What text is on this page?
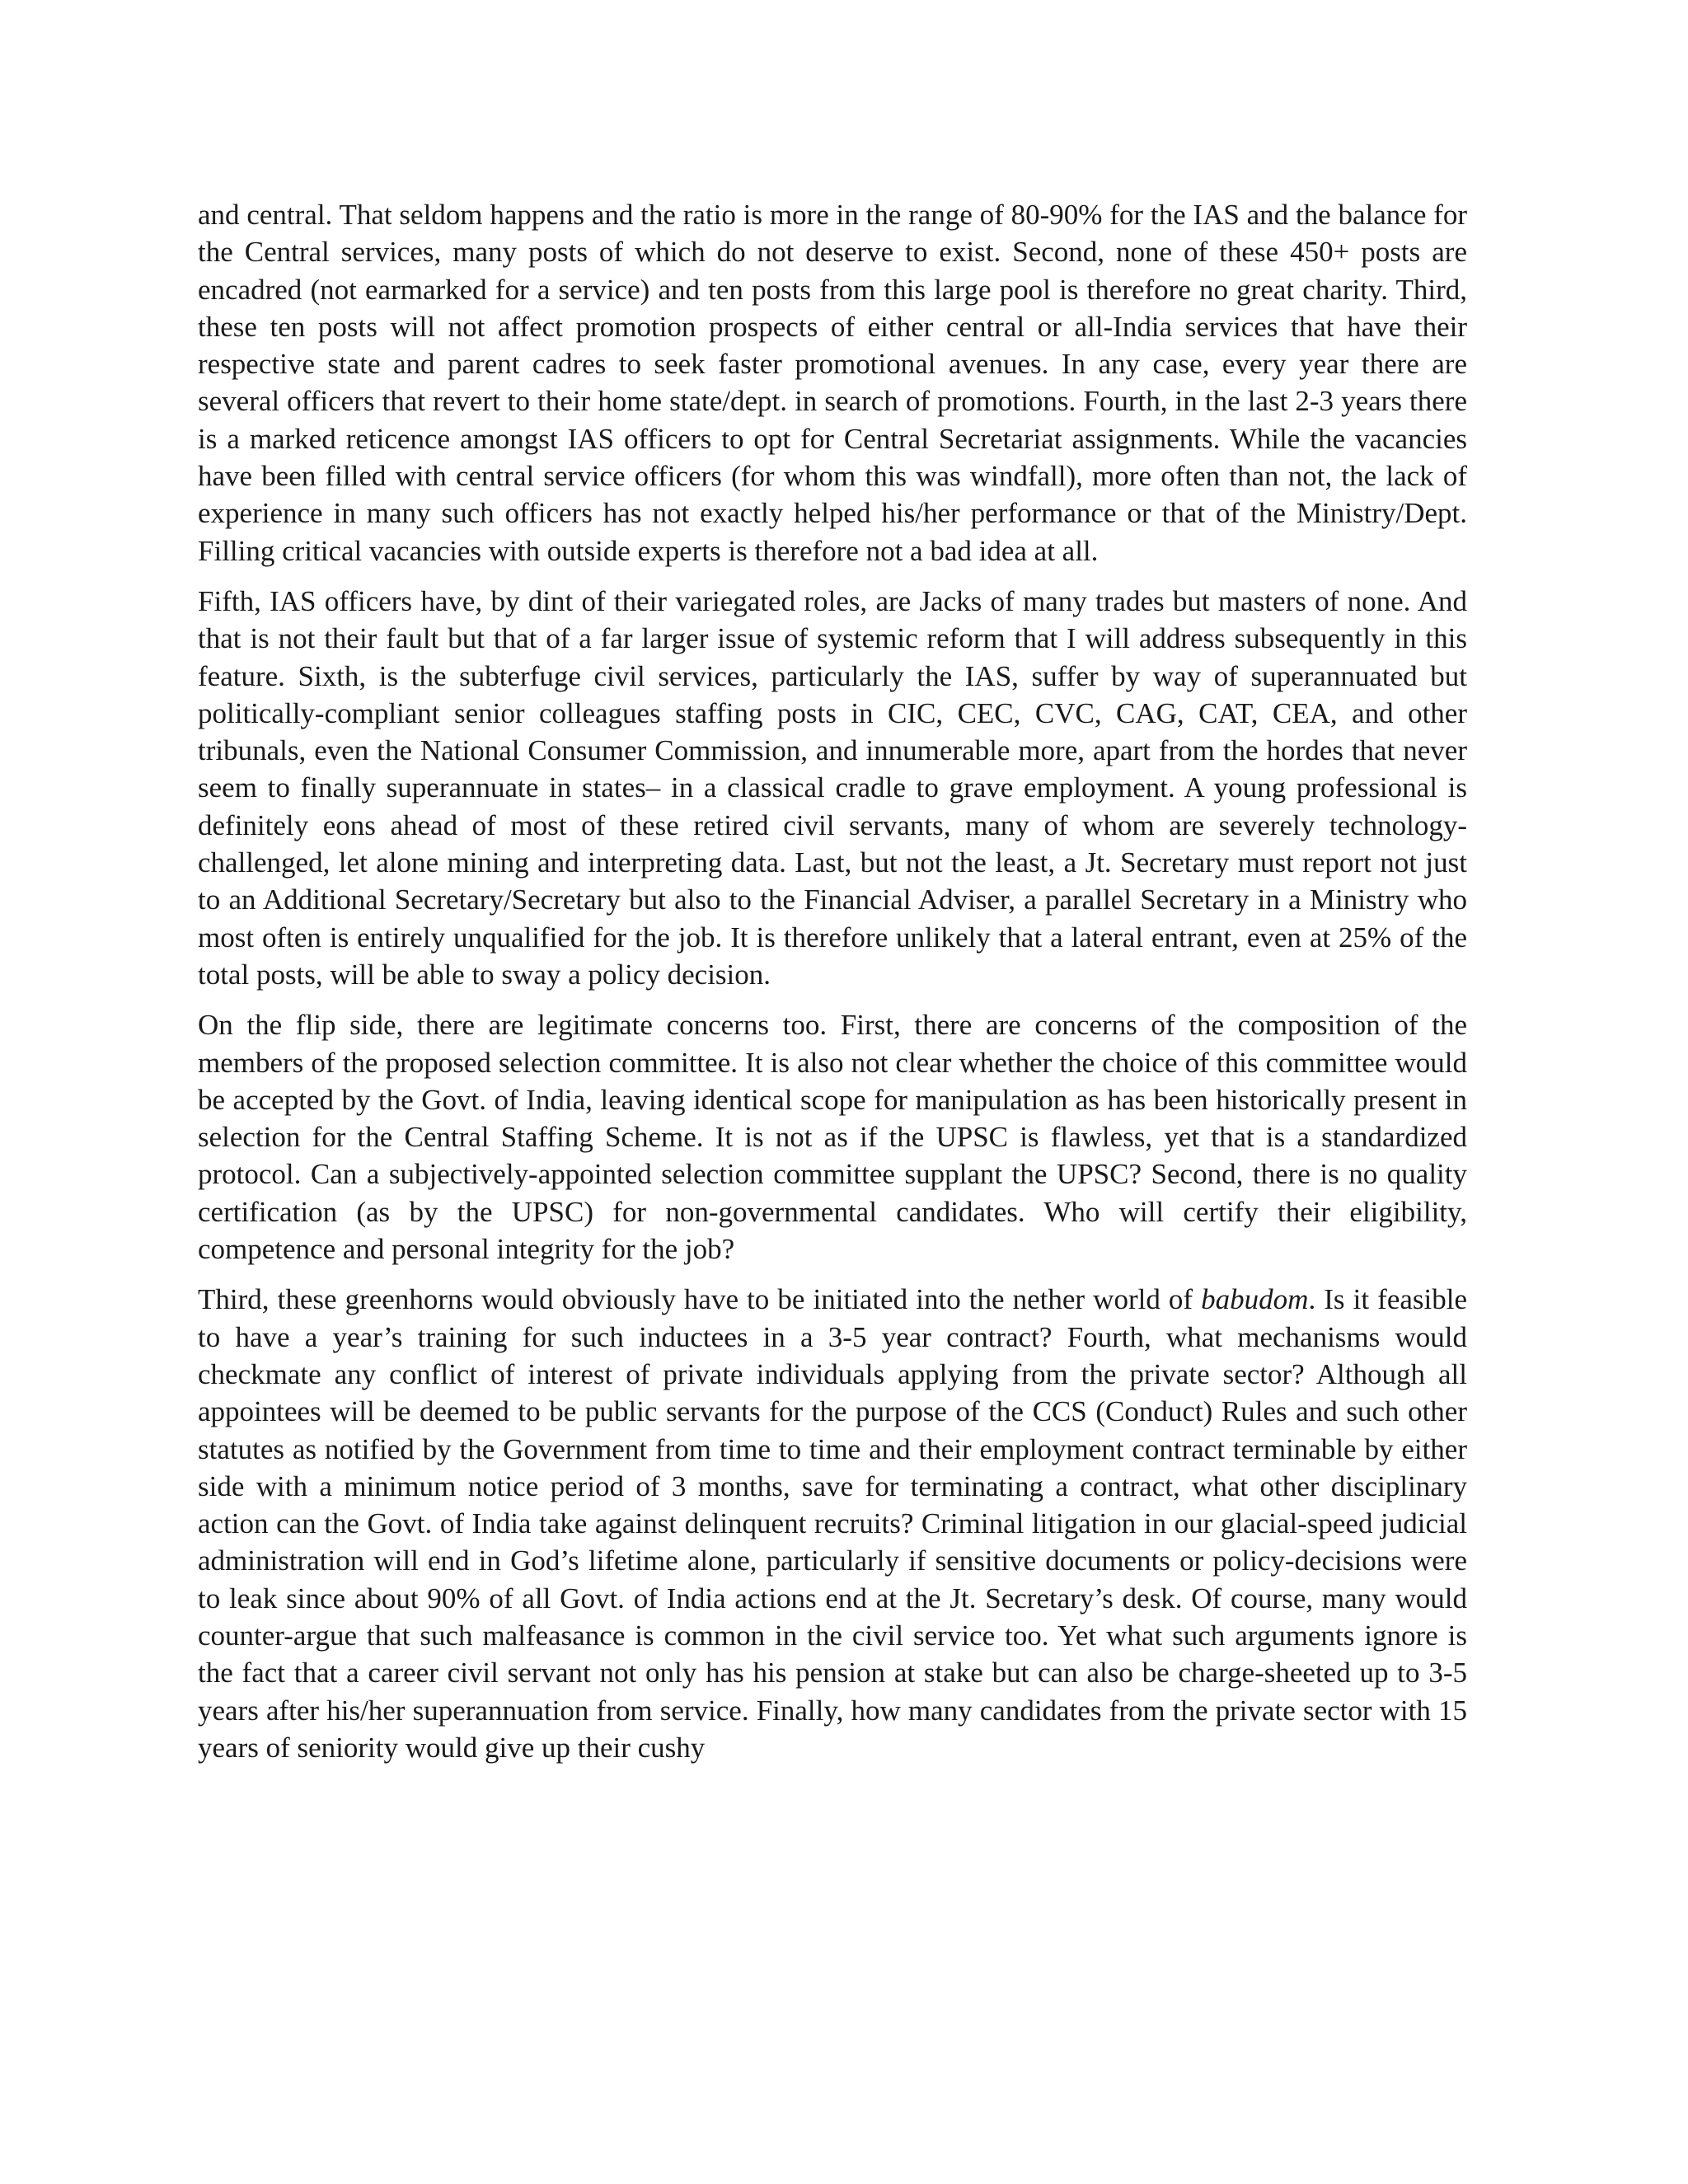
and central. That seldom happens and the ratio is more in the range of 80-90% for the IAS and the balance for the Central services, many posts of which do not deserve to exist. Second, none of these 450+ posts are encadred (not earmarked for a service) and ten posts from this large pool is therefore no great charity. Third, these ten posts will not affect promotion prospects of either central or all-India services that have their respective state and parent cadres to seek faster promotional avenues. In any case, every year there are several officers that revert to their home state/dept. in search of promotions. Fourth, in the last 2-3 years there is a marked reticence amongst IAS officers to opt for Central Secretariat assignments. While the vacancies have been filled with central service officers (for whom this was windfall), more often than not, the lack of experience in many such officers has not exactly helped his/her performance or that of the Ministry/Dept. Filling critical vacancies with outside experts is therefore not a bad idea at all.

Fifth, IAS officers have, by dint of their variegated roles, are Jacks of many trades but masters of none. And that is not their fault but that of a far larger issue of systemic reform that I will address subsequently in this feature. Sixth, is the subterfuge civil services, particularly the IAS, suffer by way of superannuated but politically-compliant senior colleagues staffing posts in CIC, CEC, CVC, CAG, CAT, CEA, and other tribunals, even the National Consumer Commission, and innumerable more, apart from the hordes that never seem to finally superannuate in states– in a classical cradle to grave employment. A young professional is definitely eons ahead of most of these retired civil servants, many of whom are severely technology-challenged, let alone mining and interpreting data. Last, but not the least, a Jt. Secretary must report not just to an Additional Secretary/Secretary but also to the Financial Adviser, a parallel Secretary in a Ministry who most often is entirely unqualified for the job. It is therefore unlikely that a lateral entrant, even at 25% of the total posts, will be able to sway a policy decision.

On the flip side, there are legitimate concerns too. First, there are concerns of the composition of the members of the proposed selection committee. It is also not clear whether the choice of this committee would be accepted by the Govt. of India, leaving identical scope for manipulation as has been historically present in selection for the Central Staffing Scheme. It is not as if the UPSC is flawless, yet that is a standardized protocol. Can a subjectively-appointed selection committee supplant the UPSC? Second, there is no quality certification (as by the UPSC) for non-governmental candidates. Who will certify their eligibility, competence and personal integrity for the job?

Third, these greenhorns would obviously have to be initiated into the nether world of babudom. Is it feasible to have a year’s training for such inductees in a 3-5 year contract? Fourth, what mechanisms would checkmate any conflict of interest of private individuals applying from the private sector? Although all appointees will be deemed to be public servants for the purpose of the CCS (Conduct) Rules and such other statutes as notified by the Government from time to time and their employment contract terminable by either side with a minimum notice period of 3 months, save for terminating a contract, what other disciplinary action can the Govt. of India take against delinquent recruits? Criminal litigation in our glacial-speed judicial administration will end in God’s lifetime alone, particularly if sensitive documents or policy-decisions were to leak since about 90% of all Govt. of India actions end at the Jt. Secretary’s desk. Of course, many would counter-argue that such malfeasance is common in the civil service too. Yet what such arguments ignore is the fact that a career civil servant not only has his pension at stake but can also be charge-sheeted up to 3-5 years after his/her superannuation from service. Finally, how many candidates from the private sector with 15 years of seniority would give up their cushy
